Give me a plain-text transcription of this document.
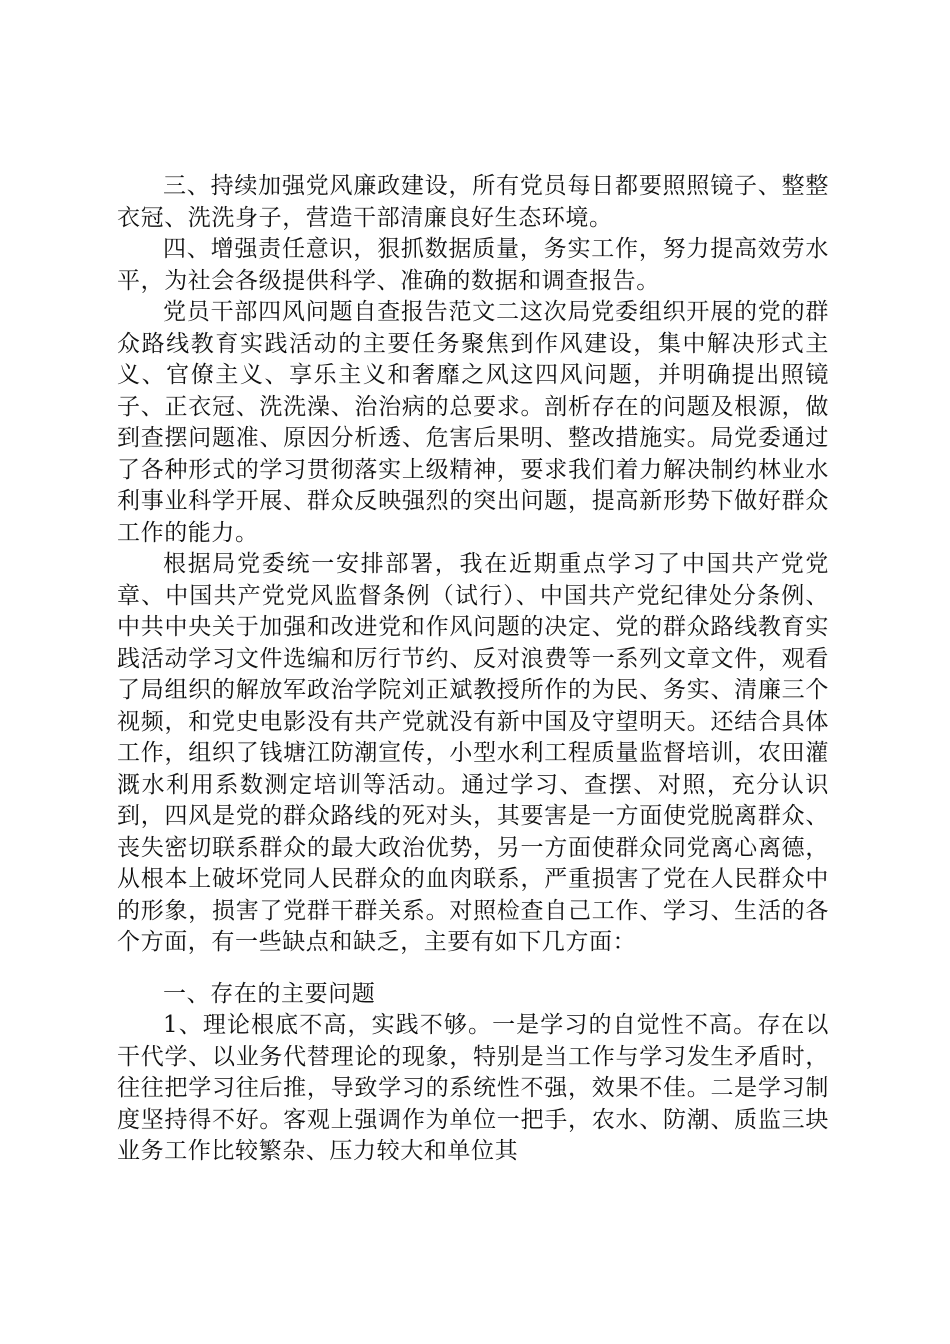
三、持续加强党风廉政建设，所有党员每日都要照照镜子、整整衣冠、洗洗身子，营造干部清廉良好生态环境。

四、增强责任意识，狠抓数据质量，务实工作，努力提高效劳水平，为社会各级提供科学、准确的数据和调查报告。

党员干部四风问题自查报告范文二这次局党委组织开展的党的群众路线教育实践活动的主要任务聚焦到作风建设，集中解决形式主义、官僚主义、享乐主义和奢靡之风这四风问题，并明确提出照镜子、正衣冠、洗洗澡、治治病的总要求。剖析存在的问题及根源，做到查摆问题准、原因分析透、危害后果明、整改措施实。局党委通过了各种形式的学习贯彻落实上级精神，要求我们着力解决制约林业水利事业科学开展、群众反映强烈的突出问题，提高新形势下做好群众工作的能力。

根据局党委统一安排部署，我在近期重点学习了中国共产党党章、中国共产党党风监督条例（试行）、中国共产党纪律处分条例、中共中央关于加强和改进党和作风问题的决定、党的群众路线教育实践活动学习文件选编和厉行节约、反对浪费等一系列文章文件，观看了局组织的解放军政治学院刘正斌教授所作的为民、务实、清廉三个视频，和党史电影没有共产党就没有新中国及守望明天。还结合具体工作，组织了钱塘江防潮宣传，小型水利工程质量监督培训，农田灌溉水利用系数测定培训等活动。通过学习、查摆、对照，充分认识到，四风是党的群众路线的死对头，其要害是一方面使党脱离群众、丧失密切联系群众的最大政治优势，另一方面使群众同党离心离德，从根本上破坏党同人民群众的血肉联系，严重损害了党在人民群众中的形象，损害了党群干群关系。对照检查自己工作、学习、生活的各个方面，有一些缺点和缺乏，主要有如下几方面：

一、存在的主要问题

1、理论根底不高，实践不够。一是学习的自觉性不高。存在以干代学、以业务代替理论的现象，特别是当工作与学习发生矛盾时，往往把学习往后推，导致学习的系统性不强，效果不佳。二是学习制度坚持得不好。客观上强调作为单位一把手，农水、防潮、质监三块业务工作比较繁杂、压力较大和单位其
